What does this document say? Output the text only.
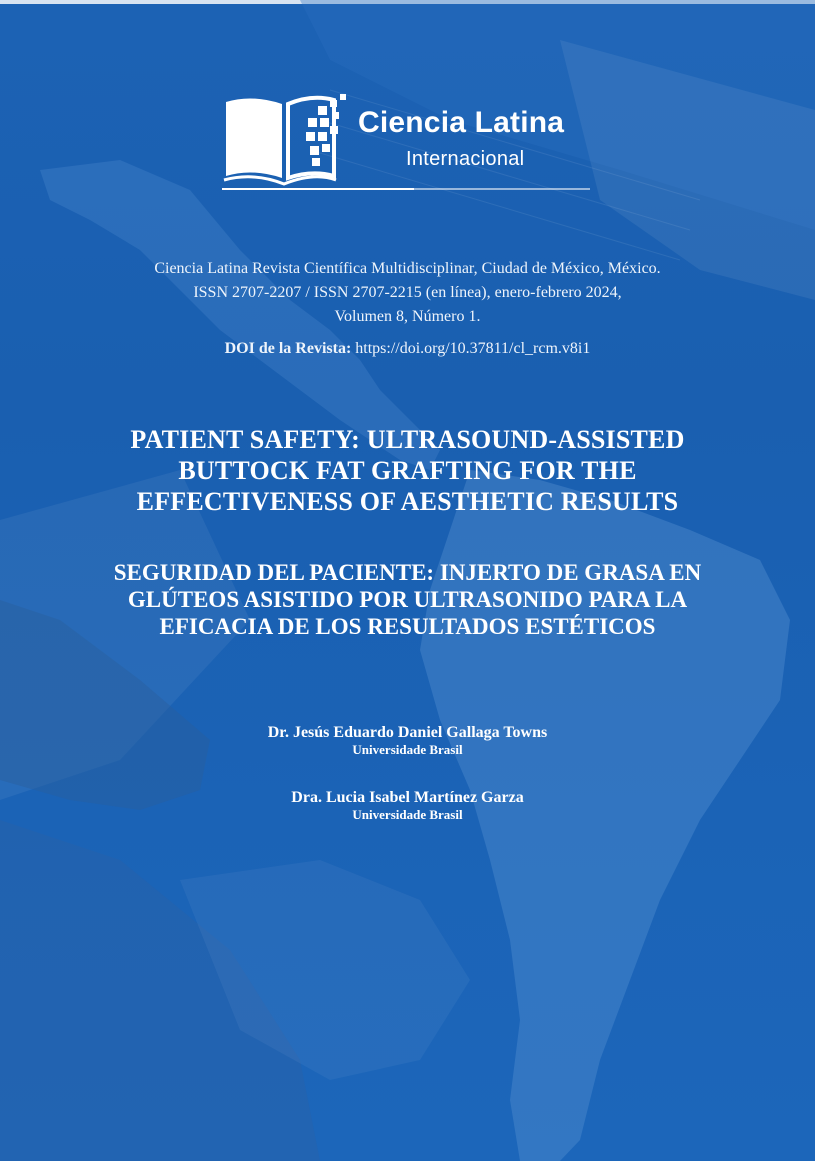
Ciencia Latina
Internacional
Ciencia Latina Revista Científica Multidisciplinar, Ciudad de México, México.
ISSN 2707-2207 / ISSN 2707-2215 (en línea), enero-febrero 2024,
Volumen 8, Número 1.
DOI de la Revista: https://doi.org/10.37811/cl_rcm.v8i1
PATIENT SAFETY: ULTRASOUND-ASSISTED
BUTTOCK FAT GRAFTING FOR THE
EFFECTIVENESS OF AESTHETIC RESULTS
SEGURIDAD DEL PACIENTE: INJERTO DE GRASA EN
GLÚTEOS ASISTIDO POR ULTRASONIDO PARA LA
EFICACIA DE LOS RESULTADOS ESTÉTICOS
Dr. Jesús Eduardo Daniel Gallaga Towns
Universidade Brasil
Dra. Lucia Isabel Martínez Garza
Universidade Brasil
